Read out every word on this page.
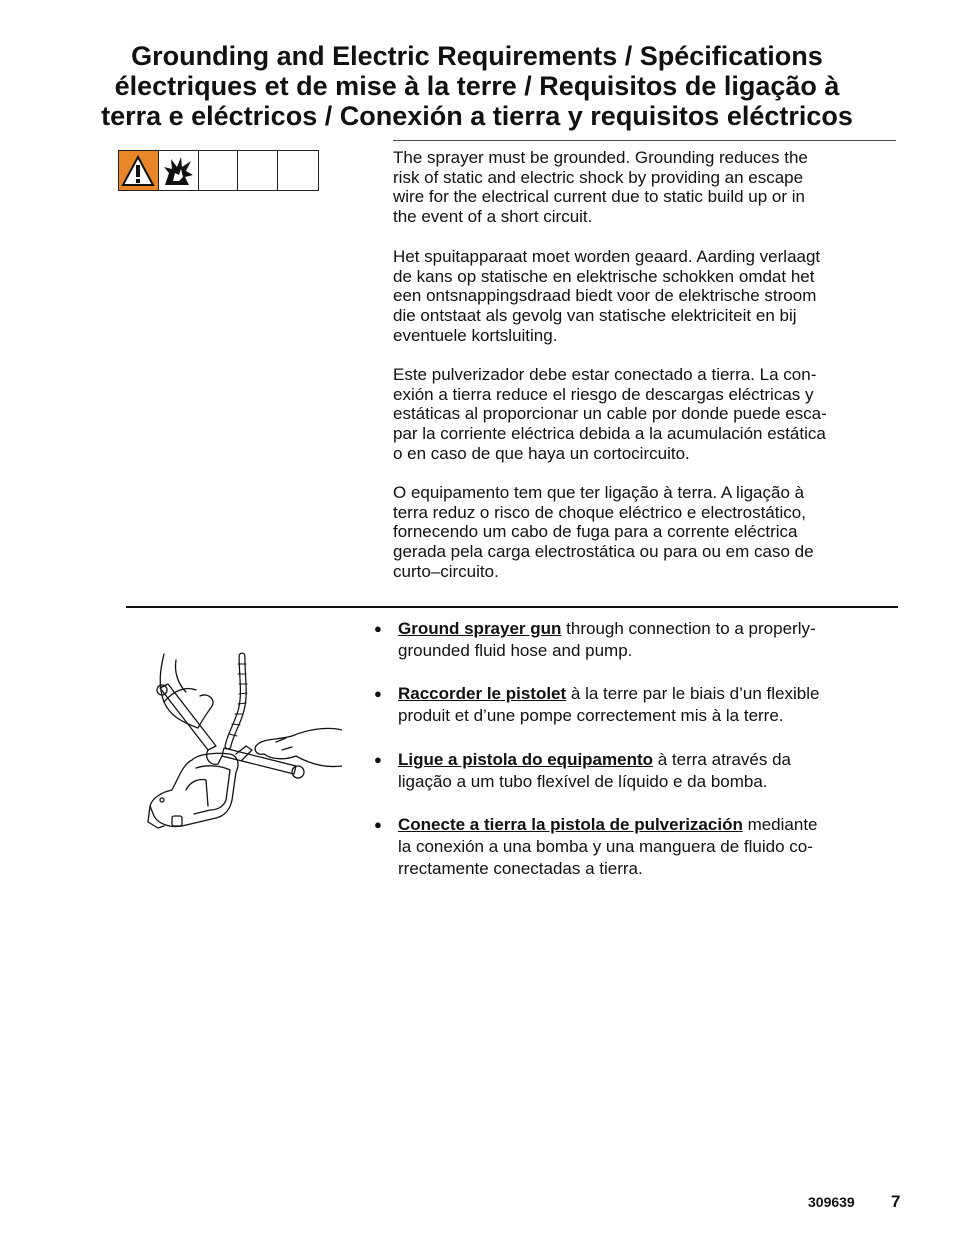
Grounding and Electric Requirements / Spécifications
électriques et de mise à la terre / Requisitos de ligação à
terra e eléctricos / Conexión a tierra y requisitos eléctricos
The sprayer must be grounded. Grounding reduces the
risk of static and electric shock by providing an escape
wire for the electrical current due to static build up or in
the event of a short circuit.
Het spuitapparaat moet worden geaard. Aarding verlaagt
de kans op statische en elektrische schokken omdat het
een ontsnappingsdraad biedt voor de elektrische stroom
die ontstaat als gevolg van statische elektriciteit en bij
eventuele kortsluiting.
Este pulverizador debe estar conectado a tierra. La con-
exión a tierra reduce el riesgo de descargas eléctricas y
estáticas al proporcionar un cable por donde puede esca-
par la corriente eléctrica debida a la acumulación estática
o en caso de que haya un cortocircuito.
O equipamento tem que ter ligação à terra. A ligação à
terra reduz o risco de choque eléctrico e electrostático,
fornecendo um cabo de fuga para a corrente eléctrica
gerada pela carga electrostática ou para ou em caso de
curto–circuito.
● Ground sprayer gun through connection to a properly-
grounded fluid hose and pump.
● Raccorder le pistolet à la terre par le biais d’un flexible
produit et d’une pompe correctement mis à la terre.
● Ligue a pistola do equipamento à terra através da
ligação a um tubo flexível de líquido e da bomba.
● Conecte a tierra la pistola de pulverización mediante
la conexión a una bomba y una manguera de fluido co-
rrectamente conectadas a tierra.
309639 7
